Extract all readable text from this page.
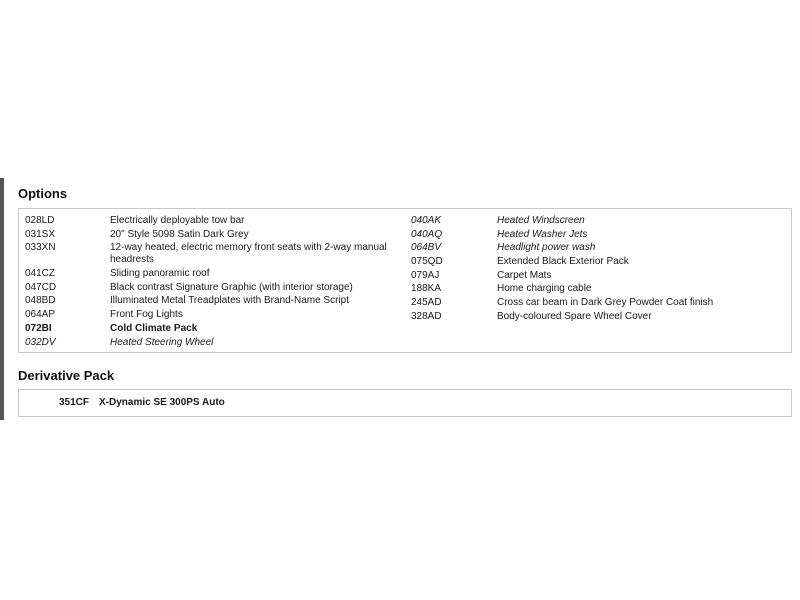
Options
028LD	Electrically deployable tow bar
031SX	20" Style 5098 Satin Dark Grey
033XN	12-way heated, electric memory front seats with 2-way manual headrests
041CZ	Sliding panoramic roof
047CD	Black contrast Signature Graphic (with interior storage)
048BD	Illuminated Metal Treadplates with Brand-Name Script
064AP	Front Fog Lights
072BI	Cold Climate Pack
032DV	Heated Steering Wheel
040AK	Heated Windscreen
040AQ	Heated Washer Jets
064BV	Headlight power wash
075QD	Extended Black Exterior Pack
079AJ	Carpet Mats
188KA	Home charging cable
245AD	Cross car beam in Dark Grey Powder Coat finish
328AD	Body-coloured Spare Wheel Cover
Derivative Pack
351CF X-Dynamic SE 300PS Auto
